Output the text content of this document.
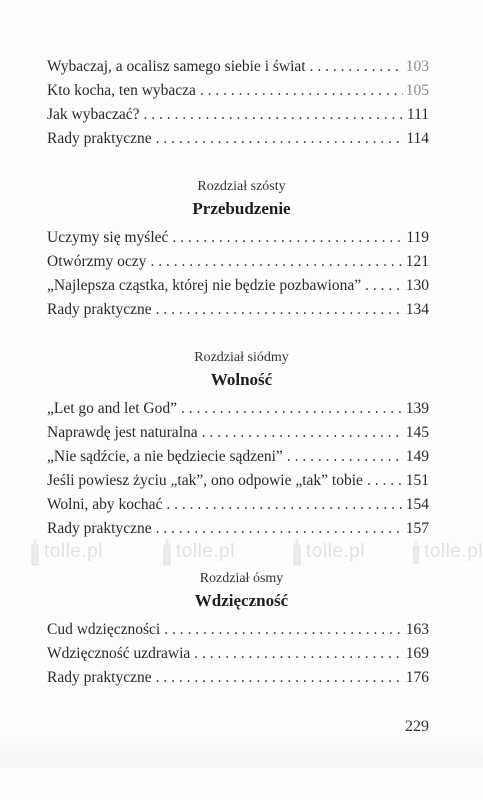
Wybaczaj, a ocalisz samego siebie i świat . . .	103
Kto kocha, ten wybacza . . .	105
Jak wybaczać? . . .	111
Rady praktyczne . . .	114
Rozdział szósty
Przebudzenie
Uczymy się myśleć . . .	119
Otwórzmy oczy . . .	121
„Najlepsza cząstka, której nie będzie pozbawiona” . . .	130
Rady praktyczne . . .	134
Rozdział siódmy
Wolność
„Let go and let God” . . .	139
Naprawdę jest naturalna . . .	145
„Nie sądźcie, a nie będziecie sądzeni” . . .	149
Jeśli powiesz życiu „tak”, ono odpowie „tak” tobie . . .	151
Wolni, aby kochać . . .	154
Rady praktyczne . . .	157
tolle.pl	tolle.pl	tolle.pl	tolle.pl
Rozdział ósmy
Wdzięczność
Cud wdzięczności . . .	163
Wdzięczność uzdrawia . . .	169
Rady praktyczne . . .	176
229
